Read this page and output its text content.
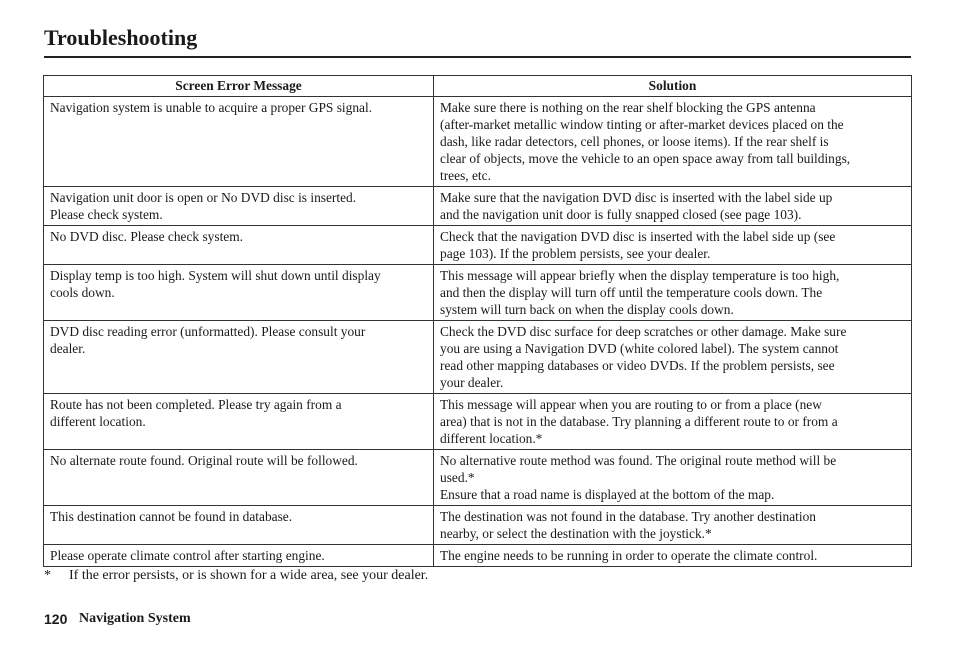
Troubleshooting
Screen Error Message	Solution

Navigation system is unable to acquire a proper GPS signal.	Make sure there is nothing on the rear shelf blocking the GPS antenna
(after-market metallic window tinting or after-market devices placed on the
dash, like radar detectors, cell phones, or loose items). If the rear shelf is
clear of objects, move the vehicle to an open space away from tall buildings,
trees, etc.

Navigation unit door is open or No DVD disc is inserted.
Please check system.	Make sure that the navigation DVD disc is inserted with the label side up
and the navigation unit door is fully snapped closed (see page 103).

No DVD disc. Please check system.	Check that the navigation DVD disc is inserted with the label side up (see
page 103). If the problem persists, see your dealer.

Display temp is too high. System will shut down until display
cools down.	This message will appear briefly when the display temperature is too high,
and then the display will turn off until the temperature cools down. The
system will turn back on when the display cools down.

DVD disc reading error (unformatted). Please consult your
dealer.	Check the DVD disc surface for deep scratches or other damage. Make sure
you are using a Navigation DVD (white colored label). The system cannot
read other mapping databases or video DVDs. If the problem persists, see
your dealer.

Route has not been completed. Please try again from a
different location.	This message will appear when you are routing to or from a place (new
area) that is not in the database. Try planning a different route to or from a
different location.*

No alternate route found. Original route will be followed.	No alternative route method was found. The original route method will be
used.*
Ensure that a road name is displayed at the bottom of the map.

This destination cannot be found in database.	The destination was not found in the database. Try another destination
nearby, or select the destination with the joystick.*

Please operate climate control after starting engine.	The engine needs to be running in order to operate the climate control.
* If the error persists, or is shown for a wide area, see your dealer.
120 Navigation System
